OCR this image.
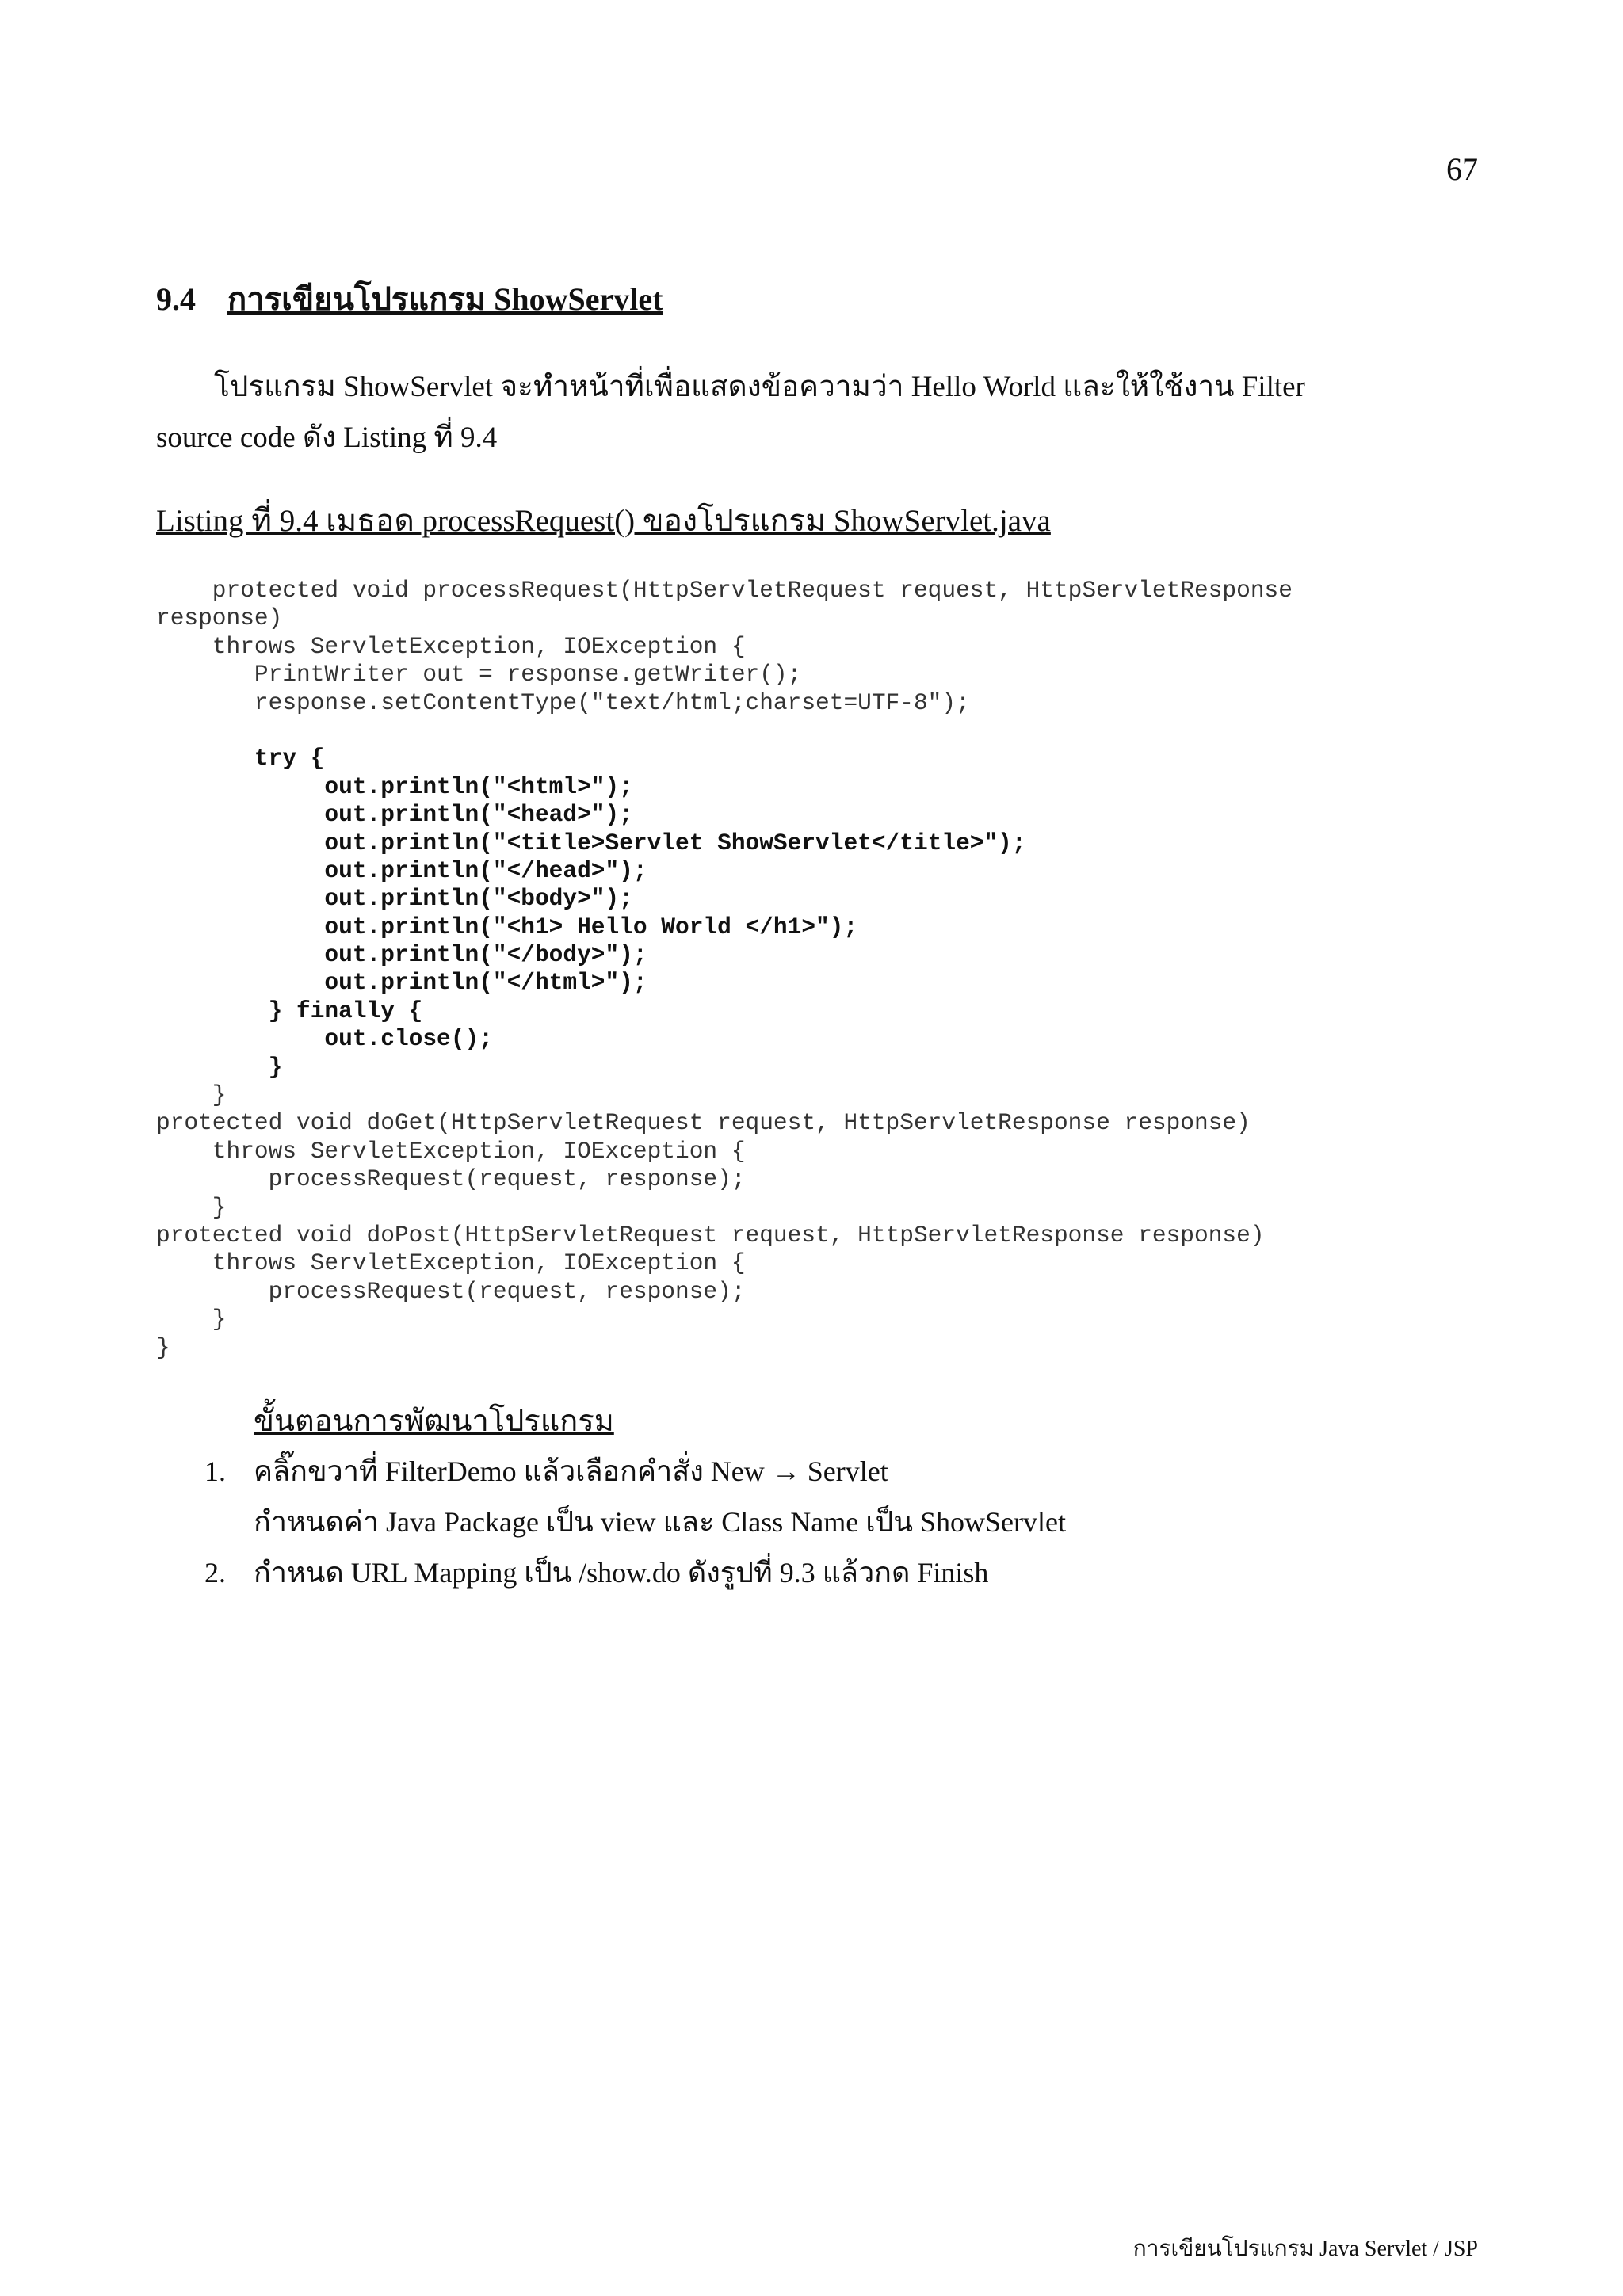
67
9.4 การเขียนโปรแกรม ShowServlet
โปรแกรม ShowServlet จะทำหน้าที่เพื่อแสดงข้อความว่า Hello World และให้ใช้งาน Filter
source code ดัง Listing ที่ 9.4
Listing ที่ 9.4 เมธอด processRequest() ของโปรแกรม ShowServlet.java
protected void processRequest(HttpServletRequest request, HttpServletResponse
response)
throws ServletException, IOException {
PrintWriter out = response.getWriter();
response.setContentType("text/html;charset=UTF-8");

try {
out.println("<html>");
out.println("<head>");
out.println("<title>Servlet ShowServlet</title>");
out.println("</head>");
out.println("<body>");
out.println("<h1> Hello World </h1>");
out.println("</body>");
out.println("</html>");
} finally {
out.close();
}
}
protected void doGet(HttpServletRequest request, HttpServletResponse response)
throws ServletException, IOException {
processRequest(request, response);
}
protected void doPost(HttpServletRequest request, HttpServletResponse response)
throws ServletException, IOException {
processRequest(request, response);
}
}
ขั้นตอนการพัฒนาโปรแกรม
1. คลิ๊กขวาที่ FilterDemo แล้วเลือกคำสั่ง New → Servlet
กำหนดค่า Java Package เป็น view และ Class Name เป็น ShowServlet
2. กำหนด URL Mapping เป็น /show.do ดังรูปที่ 9.3 แล้วกด Finish
การเขียนโปรแกรม Java Servlet / JSP
